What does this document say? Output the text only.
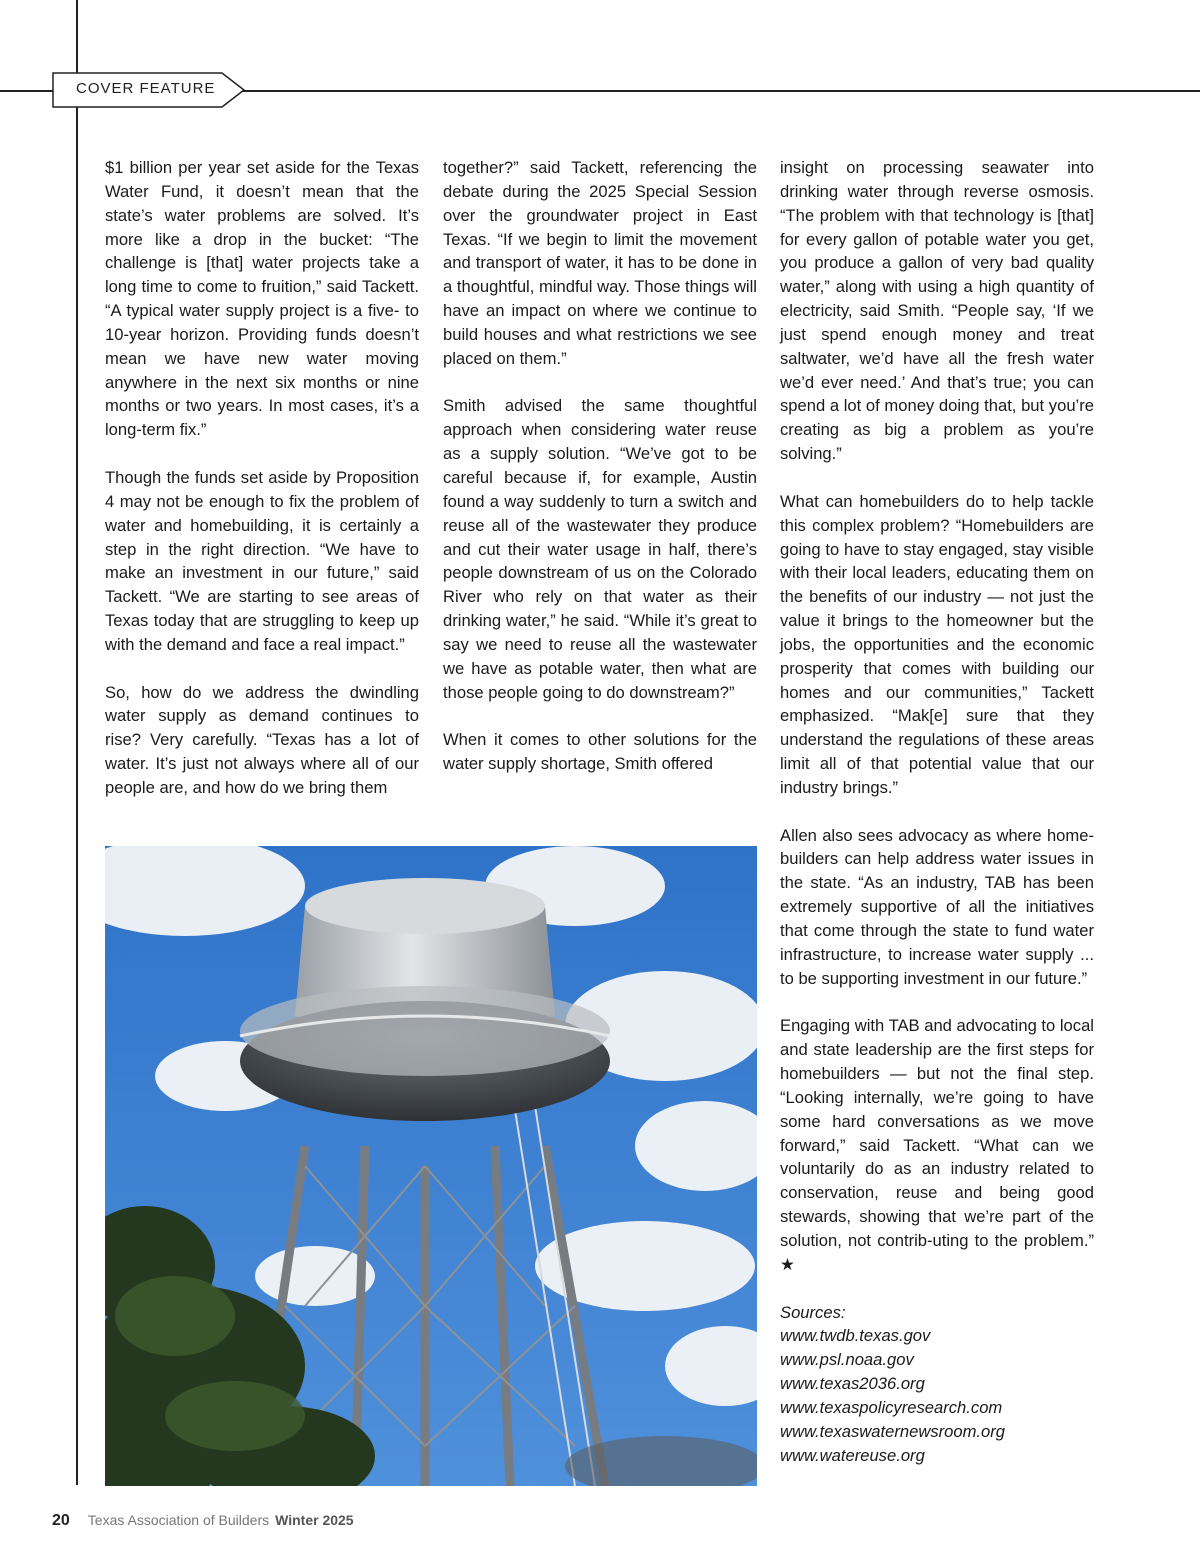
COVER FEATURE

$1 billion per year set aside for the Texas Water Fund, it doesn’t mean that the state’s water problems are solved. It’s more like a drop in the bucket: “The challenge is [that] water projects take a long time to come to fruition,” said Tackett. “A typical water supply project is a five- to 10-year horizon. Providing funds doesn’t mean we have new water moving anywhere in the next six months or nine months or two years. In most cases, it’s a long-term fix.”

Though the funds set aside by Proposition 4 may not be enough to fix the problem of water and homebuilding, it is certainly a step in the right direction. “We have to make an investment in our future,” said Tackett. “We are starting to see areas of Texas today that are struggling to keep up with the demand and face a real impact.”

So, how do we address the dwindling water supply as demand continues to rise? Very carefully. “Texas has a lot of water. It’s just not always where all of our people are, and how do we bring them

together?” said Tackett, referencing the debate during the 2025 Special Session over the groundwater project in East Texas. “If we begin to limit the movement and transport of water, it has to be done in a thoughtful, mindful way. Those things will have an impact on where we continue to build houses and what restrictions we see placed on them.”

Smith advised the same thoughtful approach when considering water reuse as a supply solution. “We’ve got to be careful because if, for example, Austin found a way suddenly to turn a switch and reuse all of the wastewater they produce and cut their water usage in half, there’s people downstream of us on the Colorado River who rely on that water as their drinking water,” he said. “While it’s great to say we need to reuse all the wastewater we have as potable water, then what are those people going to do downstream?”

When it comes to other solutions for the water supply shortage, Smith offered

insight on processing seawater into drinking water through reverse osmosis. “The problem with that technology is [that] for every gallon of potable water you get, you produce a gallon of very bad quality water,” along with using a high quantity of electricity, said Smith. “People say, ‘If we just spend enough money and treat saltwater, we’d have all the fresh water we’d ever need.’ And that’s true; you can spend a lot of money doing that, but you’re creating as big a problem as you’re solving.”

What can homebuilders do to help tackle this complex problem? “Homebuilders are going to have to stay engaged, stay visible with their local leaders, educating them on the benefits of our industry — not just the value it brings to the homeowner but the jobs, the opportunities and the economic prosperity that comes with building our homes and our communities,” Tackett emphasized. “Mak[e] sure that they understand the regulations of these areas limit all of that potential value that our industry brings.”

Allen also sees advocacy as where home-builders can help address water issues in the state. “As an industry, TAB has been extremely supportive of all the initiatives that come through the state to fund water infrastructure, to increase water supply ... to be supporting investment in our future.”

Engaging with TAB and advocating to local and state leadership are the first steps for homebuilders — but not the final step. “Looking internally, we’re going to have some hard conversations as we move forward,” said Tackett. “What can we voluntarily do as an industry related to conservation, reuse and being good stewards, showing that we’re part of the solution, not contrib-uting to the problem.” ★

Sources:
www.twdb.texas.gov
www.psl.noaa.gov
www.texas2036.org
www.texaspolicyresearch.com
www.texaswaternewsroom.org
www.watereuse.org
20 Texas Association of Builders Winter 2025
